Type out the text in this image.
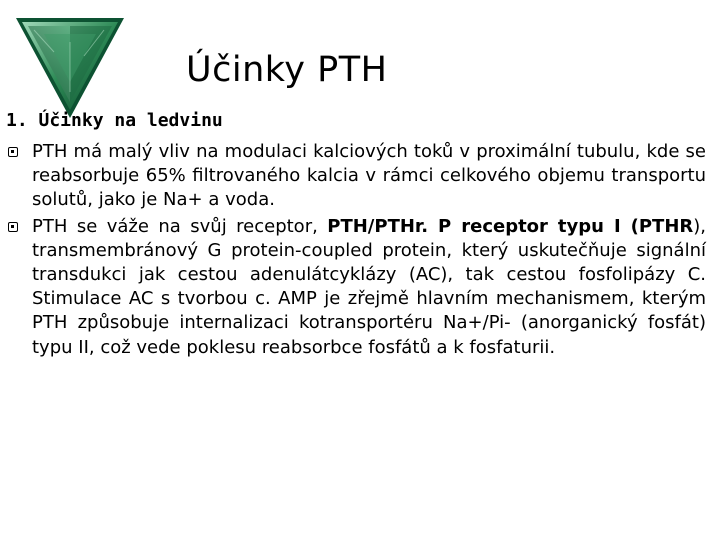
Účinky PTH
1. Účinky na ledvinu
PTH má malý vliv na modulaci kalciových toků v proximální tubulu, kde se reabsorbuje 65% filtrovaného kalcia v rámci celkového objemu transportu solutů, jako je Na+ a voda.
PTH se váže na svůj receptor, PTH/PTHr. P receptor typu I (PTHR), transmembránový G protein-coupled protein, který uskutečňuje signální transdukci jak cestou adenulátcyklázy (AC), tak cestou fosfolipázy C. Stimulace AC s tvorbou c. AMP je zřejmě hlavním mechanismem, kterým PTH způsobuje internalizaci kotransportéru Na+/Pi- (anorganický fosfát) typu II, což vede poklesu reabsorbce fosfátů a k fosfaturii.
